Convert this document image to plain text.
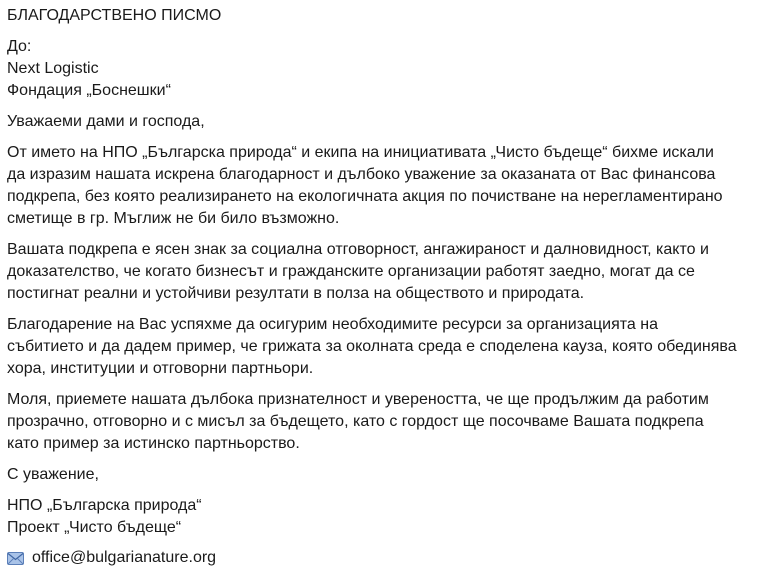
БЛАГОДАРСТВЕНО ПИСМО
До:
Next Logistic
Фондация „Боснешки“
Уважаеми дами и господа,
От името на НПО „Българска природа“ и екипа на инициативата „Чисто бъдеще“ бихме искали
да изразим нашата искрена благодарност и дълбоко уважение за оказаната от Вас финансова
подкрепа, без която реализирането на екологичната акция по почистване на нерегламентирано
сметище в гр. Мъглиж не би било възможно.
Вашата подкрепа е ясен знак за социална отговорност, ангажираност и далновидност, както и
доказателство, че когато бизнесът и гражданските организации работят заедно, могат да се
постигнат реални и устойчиви резултати в полза на обществото и природата.
Благодарение на Вас успяхме да осигурим необходимите ресурси за организацията на
събитието и да дадем пример, че грижата за околната среда е споделена кауза, която обединява
хора, институции и отговорни партньори.
Моля, приемете нашата дълбока признателност и увереността, че ще продължим да работим
прозрачно, отговорно и с мисъл за бъдещето, като с гордост ще посочваме Вашата подкрепа
като пример за истинско партньорство.
С уважение,
НПО „Българска природа“
Проект „Чисто бъдеще“
office@bulgarianature.org
